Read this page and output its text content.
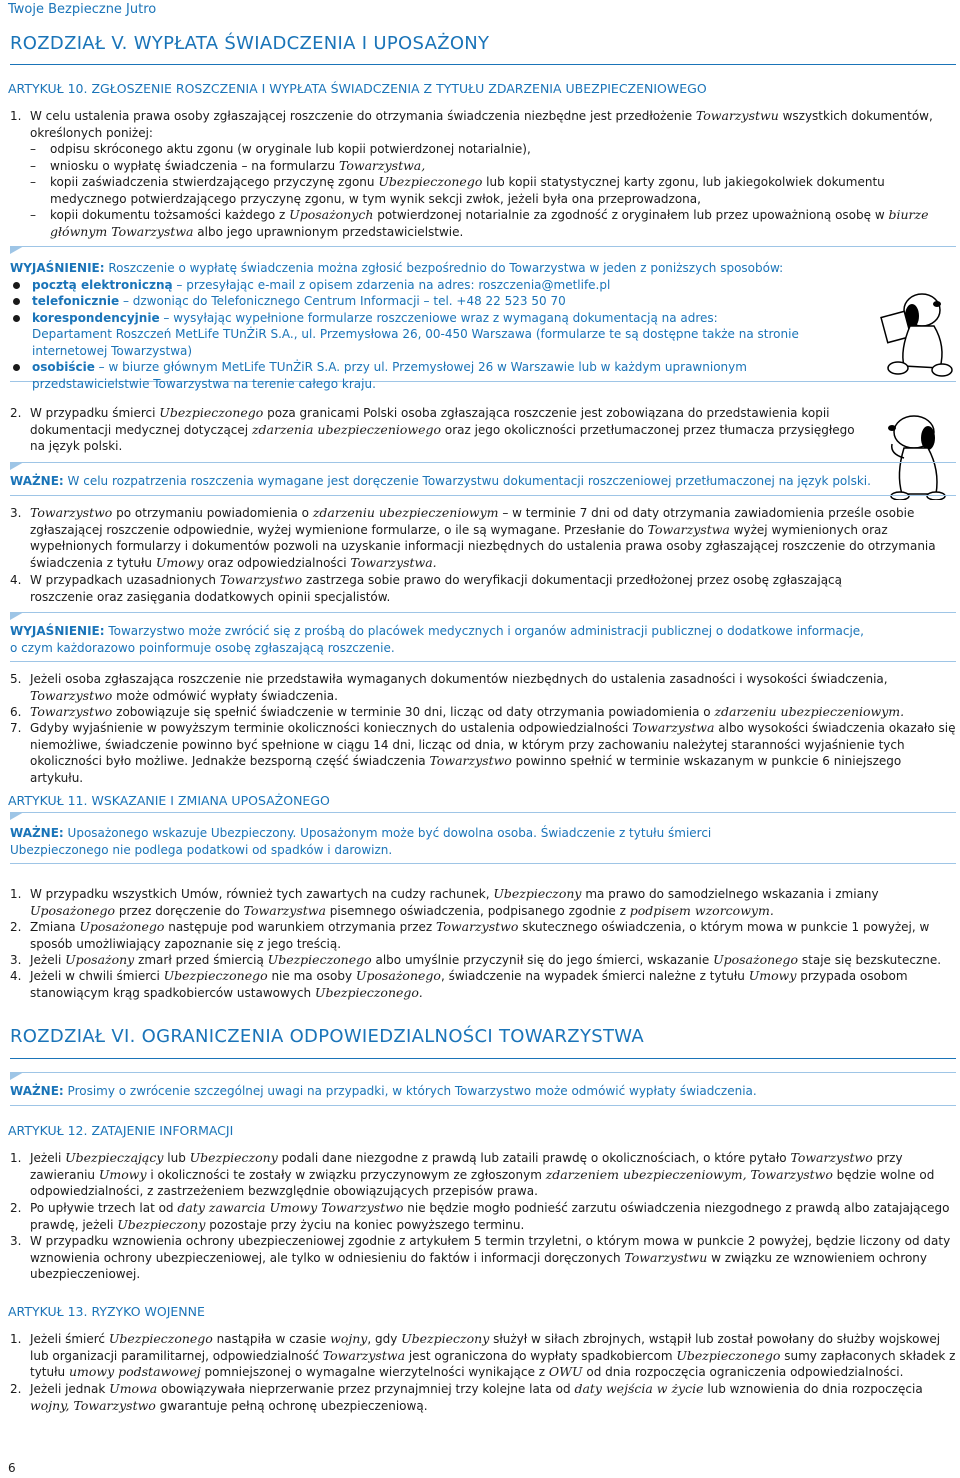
Twoje Bezpieczne Jutro
ROZDZIAŁ V. WYPŁATA ŚWIADCZENIA I UPOSAŻONY
ARTYKUŁ 10. ZGŁOSZENIE ROSZCZENIA I WYPŁATA ŚWIADCZENIA Z TYTUŁU ZDARZENIA UBEZPIECZENIOWEGO
1. W celu ustalenia prawa osoby zgłaszającej roszczenie do otrzymania świadczenia niezbędne jest przedłożenie Towarzystwu wszystkich dokumentów, określonych poniżej:

– odpisu skróconego aktu zgonu (w oryginale lub kopii potwierdzonej notarialnie),

– wniosku o wypłatę świadczenia – na formularzu Towarzystwa,

– kopii zaświadczenia stwierdzającego przyczynę zgonu Ubezpieczonego lub kopii statystycznej karty zgonu, lub jakiegokolwiek dokumentu medycznego potwierdzającego przyczynę zgonu, w tym wynik sekcji zwłok, jeżeli była ona przeprowadzona,

– kopii dokumentu tożsamości każdego z Uposażonych potwierdzonej notarialnie za zgodność z oryginałem lub przez upoważnioną osobę w biurze głównym Towarzystwa albo jego uprawnionym przedstawicielstwie.

WYJAŚNIENIE: Roszczenie o wypłatę świadczenia można zgłosić bezpośrednio do Towarzystwa w jeden z poniższych sposobów:

pocztą elektroniczną – przesyłając e-mail z opisem zdarzenia na adres: roszczenia@metlife.pl

telefonicznie – dzwoniąc do Telefonicznego Centrum Informacji – tel. +48 22 523 50 70

korespondencyjnie – wysyłając wypełnione formularze roszczeniowe wraz z wymaganą dokumentacją na adres:

Departament Roszczeń MetLife TUnŻiR S.A., ul. Przemysłowa 26, 00-450 Warszawa (formularze te są dostępne także na stronie internetowej Towarzystwa)

osobiście – w biurze głównym MetLife TUnŻiR S.A. przy ul. Przemysłowej 26 w Warszawie lub w każdym uprawnionym przedstawicielstwie Towarzystwa na terenie całego kraju.

2. W przypadku śmierci Ubezpieczonego poza granicami Polski osoba zgłaszająca roszczenie jest zobowiązana do przedstawienia kopii dokumentacji medycznej dotyczącej zdarzenia ubezpieczeniowego oraz jego okoliczności przetłumaczonej przez tłumacza przysięgłego na język polski.

WAŻNE: W celu rozpatrzenia roszczenia wymagane jest doręczenie Towarzystwu dokumentacji roszczeniowej przetłumaczonej na język polski.

3. Towarzystwo po otrzymaniu powiadomienia o zdarzeniu ubezpieczeniowym – w terminie 7 dni od daty otrzymania zawiadomienia prześle osobie zgłaszającej roszczenie odpowiednie, wyżej wymienione formularze, o ile są wymagane. Przesłanie do Towarzystwa wyżej wymienionych oraz wypełnionych formularzy i dokumentów pozwoli na uzyskanie informacji niezbędnych do ustalenia prawa osoby zgłaszającej roszczenie do otrzymania świadczenia z tytułu Umowy oraz odpowiedzialności Towarzystwa.

4. W przypadkach uzasadnionych Towarzystwo zastrzega sobie prawo do weryfikacji dokumentacji przedłożonej przez osobę zgłaszającą roszczenie oraz zasięgania dodatkowych opinii specjalistów.

WYJAŚNIENIE: Towarzystwo może zwrócić się z prośbą do placówek medycznych i organów administracji publicznej o dodatkowe informacje, o czym każdorazowo poinformuje osobę zgłaszającą roszczenie.

5. Jeżeli osoba zgłaszająca roszczenie nie przedstawiła wymaganych dokumentów niezbędnych do ustalenia zasadności i wysokości świadczenia, Towarzystwo może odmówić wypłaty świadczenia.

6. Towarzystwo zobowiązuje się spełnić świadczenie w terminie 30 dni, licząc od daty otrzymania powiadomienia o zdarzeniu ubezpieczeniowym.

7. Gdyby wyjaśnienie w powyższym terminie okoliczności koniecznych do ustalenia odpowiedzialności Towarzystwa albo wysokości świadczenia okazało się niemożliwe, świadczenie powinno być spełnione w ciągu 14 dni, licząc od dnia, w którym przy zachowaniu należytej staranności wyjaśnienie tych okoliczności było możliwe. Jednakże bezsporną część świadczenia Towarzystwo powinno spełnić w terminie wskazanym w punkcie 6 niniejszego artykułu.

ARTYKUŁ 11. WSKAZANIE I ZMIANA UPOSAŻONEGO

WAŻNE: Uposażonego wskazuje Ubezpieczony. Uposażonym może być dowolna osoba. Świadczenie z tytułu śmierci Ubezpieczonego nie podlega podatkowi od spadków i darowizn.

1. W przypadku wszystkich Umów, również tych zawartych na cudzy rachunek, Ubezpieczony ma prawo do samodzielnego wskazania i zmiany Uposażonego przez doręczenie do Towarzystwa pisemnego oświadczenia, podpisanego zgodnie z podpisem wzorcowym.

2. Zmiana Uposażonego następuje pod warunkiem otrzymania przez Towarzystwo skutecznego oświadczenia, o którym mowa w punkcie 1 powyżej, w sposób umożliwiający zapoznanie się z jego treścią.

3. Jeżeli Uposażony zmarł przed śmiercią Ubezpieczonego albo umyślnie przyczynił się do jego śmierci, wskazanie Uposażonego staje się bezskuteczne.

4. Jeżeli w chwili śmierci Ubezpieczonego nie ma osoby Uposażonego, świadczenie na wypadek śmierci należne z tytułu Umowy przypada osobom stanowiącym krąg spadkobierców ustawowych Ubezpieczonego.

ROZDZIAŁ VI. OGRANICZENIA ODPOWIEDZIALNOŚCI TOWARZYSTWA

WAŻNE: Prosimy o zwrócenie szczególnej uwagi na przypadki, w których Towarzystwo może odmówić wypłaty świadczenia.

ARTYKUŁ 12. ZATAJENIE INFORMACJI
1. Jeżeli Ubezpieczający lub Ubezpieczony podali dane niezgodne z prawdą lub zataili prawdę o okolicznościach, o które pytało Towarzystwo przy zawieraniu Umowy i okoliczności te zostały w związku przyczynowym ze zgłoszonym zdarzeniem ubezpieczeniowym, Towarzystwo będzie wolne od odpowiedzialności, z zastrzeżeniem bezwzględnie obowiązujących przepisów prawa.

2. Po upływie trzech lat od daty zawarcia Umowy Towarzystwo nie będzie mogło podnieść zarzutu oświadczenia niezgodnego z prawdą albo zatajającego prawdę, jeżeli Ubezpieczony pozostaje przy życiu na koniec powyższego terminu.

3. W przypadku wznowienia ochrony ubezpieczeniowej zgodnie z artykułem 5 termin trzyletni, o którym mowa w punkcie 2 powyżej, będzie liczony od daty wznowienia ochrony ubezpieczeniowej, ale tylko w odniesieniu do faktów i informacji doręczonych Towarzystwu w związku ze wznowieniem ochrony ubezpieczeniowej.

ARTYKUŁ 13. RYZYKO WOJENNE
1. Jeżeli śmierć Ubezpieczonego nastąpiła w czasie wojny, gdy Ubezpieczony służył w siłach zbrojnych, wstąpił lub został powołany do służby wojskowej lub organizacji paramilitarnej, odpowiedzialność Towarzystwa jest ograniczona do wypłaty spadkobiercom Ubezpieczonego sumy zapłaconych składek z tytułu umowy podstawowej pomniejszonej o wymagalne wierzytelności wynikające z OWU od dnia rozpoczęcia ograniczenia odpowiedzialności.

2. Jeżeli jednak Umowa obowiązywała nieprzerwanie przez przynajmniej trzy kolejne lata od daty wejścia w życie lub wznowienia do dnia rozpoczęcia wojny, Towarzystwo gwarantuje pełną ochronę ubezpieczeniową.

6
